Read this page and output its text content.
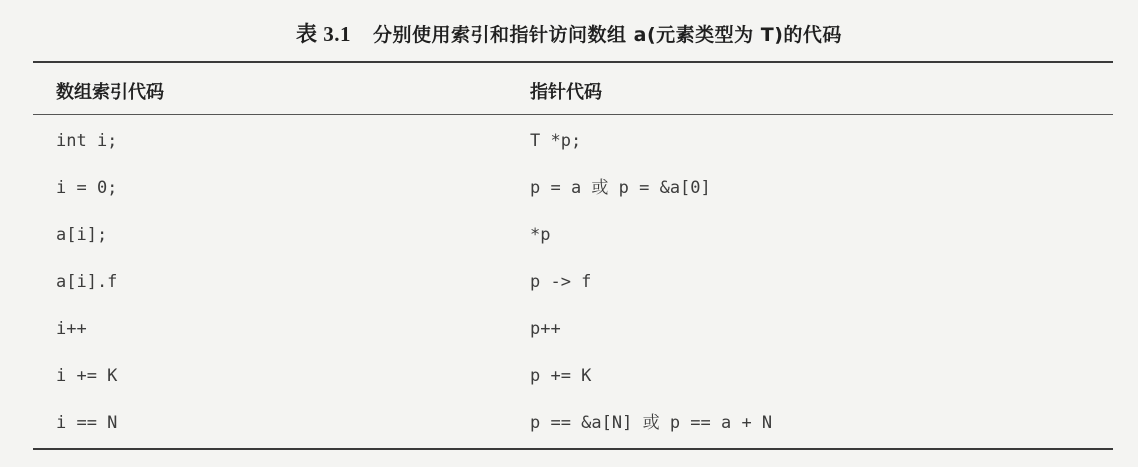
表 3.1 分别使用索引和指针访问数组 a(元素类型为 T)的代码
数组索引代码	指针代码
int i;	T *p;
i = 0;	p = a 或 p = &a[0]
a[i];	*p
a[i].f	p -> f
i++	p++
i += K	p += K
i == N	p == &a[N] 或 p == a + N
